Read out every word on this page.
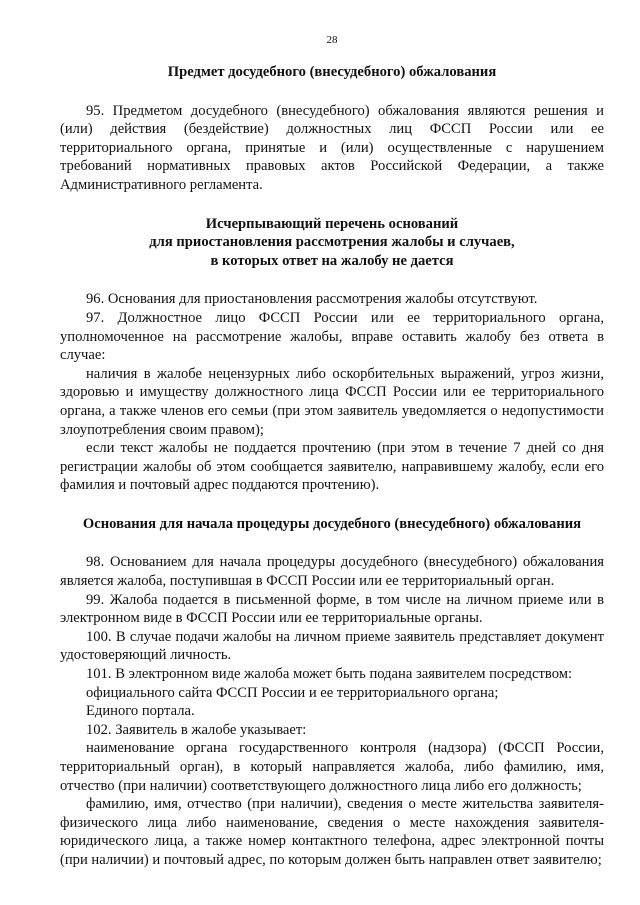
28
Предмет досудебного (внесудебного) обжалования

95. Предметом досудебного (внесудебного) обжалования являются решения и (или) действия (бездействие) должностных лиц ФССП России или ее территориального органа, принятые и (или) осуществленные с нарушением требований нормативных правовых актов Российской Федерации, а также Административного регламента.

Исчерпывающий перечень оснований
для приостановления рассмотрения жалобы и случаев,
в которых ответ на жалобу не дается

96. Основания для приостановления рассмотрения жалобы отсутствуют.

97. Должностное лицо ФССП России или ее территориального органа, уполномоченное на рассмотрение жалобы, вправе оставить жалобу без ответа в случае:

наличия в жалобе нецензурных либо оскорбительных выражений, угроз жизни, здоровью и имуществу должностного лица ФССП России или ее территориального органа, а также членов его семьи (при этом заявитель уведомляется о недопустимости злоупотребления своим правом);

если текст жалобы не поддается прочтению (при этом в течение 7 дней со дня регистрации жалобы об этом сообщается заявителю, направившему жалобу, если его фамилия и почтовый адрес поддаются прочтению).

Основания для начала процедуры досудебного (внесудебного) обжалования

98. Основанием для начала процедуры досудебного (внесудебного) обжалования является жалоба, поступившая в ФССП России или ее территориальный орган.

99. Жалоба подается в письменной форме, в том числе на личном приеме или в электронном виде в ФССП России или ее территориальные органы.

100. В случае подачи жалобы на личном приеме заявитель представляет документ удостоверяющий личность.

101. В электронном виде жалоба может быть подана заявителем посредством:

официального сайта ФССП России и ее территориального органа;

Единого портала.

102. Заявитель в жалобе указывает:

наименование органа государственного контроля (надзора) (ФССП России, территориальный орган), в который направляется жалоба, либо фамилию, имя, отчество (при наличии) соответствующего должностного лица либо его должность;

фамилию, имя, отчество (при наличии), сведения о месте жительства заявителя-физического лица либо наименование, сведения о месте нахождения заявителя-юридического лица, а также номер контактного телефона, адрес электронной почты (при наличии) и почтовый адрес, по которым должен быть направлен ответ заявителю;
